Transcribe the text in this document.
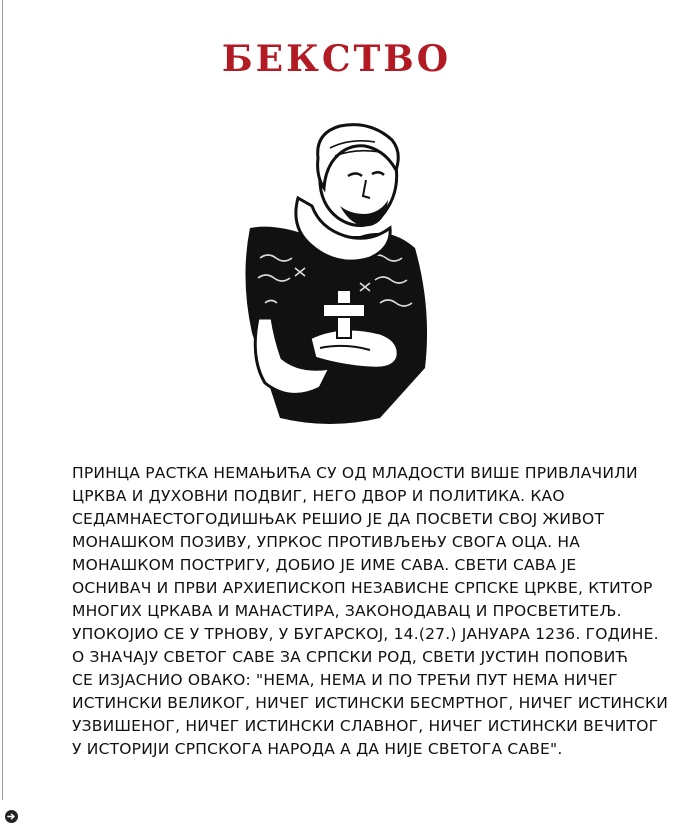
БЕКСТВО

ПРИНЦА РАСТКА НЕМАЊИЋА СУ ОД МЛАДОСТИ ВИШЕ ПРИВЛАЧИЛИ
ЦРКВА И ДУХОВНИ ПОДВИГ, НЕГО ДВОР И ПОЛИТИКА. КАО
СЕДАМНАЕСТОГОДИШЊАК РЕШИО ЈЕ ДА ПОСВЕТИ СВОЈ ЖИВОТ
МОНАШКОМ ПОЗИВУ, УПРКОС ПРОТИВЉЕЊУ СВОГА ОЦА. НА
МОНАШКОМ ПОСТРИГУ, ДОБИО ЈЕ ИМЕ САВА. СВЕТИ САВА ЈЕ
ОСНИВАЧ И ПРВИ АРХИЕПИСКОП НЕЗАВИСНЕ СРПСКЕ ЦРКВЕ, КТИТОР
МНОГИХ ЦРКАВА И МАНАСТИРА, ЗАКОНОДАВАЦ И ПРОСВЕТИТЕЉ.
УПОКОЈИО СЕ У ТРНОВУ, У БУГАРСКОЈ, 14.(27.) ЈАНУАРА 1236. ГОДИНЕ.
О ЗНАЧАЈУ СВЕТОГ САВЕ ЗА СРПСКИ РОД, СВЕТИ ЈУСТИН ПОПОВИЋ
СЕ ИЗЈАСНИО ОВАКО: "НЕМА, НЕМА И ПО ТРЕЋИ ПУТ НЕМА НИЧЕГ
ИСТИНСКИ ВЕЛИКОГ, НИЧЕГ ИСТИНСКИ БЕСМРТНОГ, НИЧЕГ ИСТИНСКИ
УЗВИШЕНОГ, НИЧЕГ ИСТИНСКИ СЛАВНОГ, НИЧЕГ ИСТИНСКИ ВЕЧИТОГ
У ИСТОРИЈИ СРПСКОГА НАРОДА А ДА НИЈЕ СВЕТОГА САВЕ".
